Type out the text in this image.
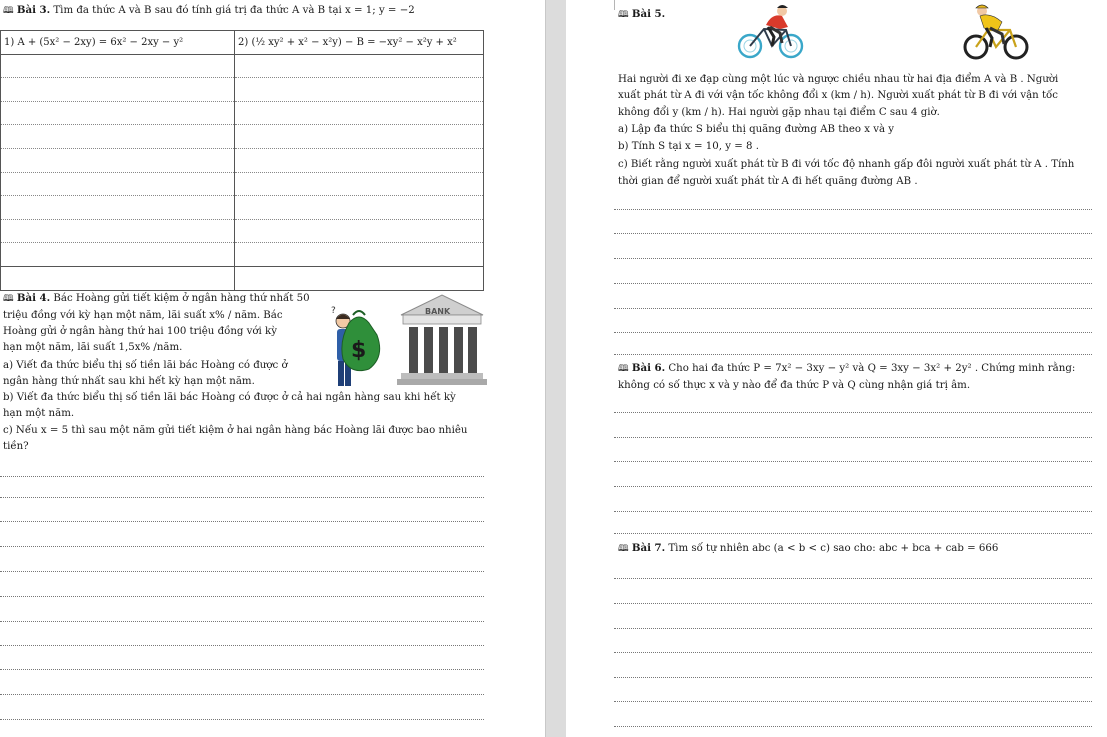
🕮 Bài 3. Tìm đa thức A và B sau đó tính giá trị đa thức A và B tại x = 1; y = −2
1) A + (5x² − 2xy) = 6x² − 2xy − y²	2) (½ xy² + x² − x²y) − B = −xy² − x²y + x²

🕮 Bài 4. Bác Hoàng gửi tiết kiệm ở ngân hàng thứ nhất 50
triệu đồng với kỳ hạn một năm, lãi suất x% / năm. Bác
Hoàng gửi ở ngân hàng thứ hai 100 triệu đồng với kỳ
hạn một năm, lãi suất 1,5x% /năm.
a) Viết đa thức biểu thị số tiền lãi bác Hoàng có được ở
ngân hàng thứ nhất sau khi hết kỳ hạn một năm.
b) Viết đa thức biểu thị số tiền lãi bác Hoàng có được ở cả hai ngân hàng sau khi hết kỳ
hạn một năm.
c) Nếu x = 5 thì sau một năm gửi tiết kiệm ở hai ngân hàng bác Hoàng lãi được bao nhiêu
tiền?
?
$
BANK
🕮 Bài 5.
Hai người đi xe đạp cùng một lúc và ngược chiều nhau từ hai địa điểm A và B . Người
xuất phát từ A đi với vận tốc không đổi x (km / h). Người xuất phát từ B đi với vận tốc
không đổi y (km / h). Hai người gặp nhau tại điểm C sau 4 giờ.
a) Lập đa thức S biểu thị quãng đường AB theo x và y
b) Tính S tại x = 10, y = 8 .
c) Biết rằng người xuất phát từ B đi với tốc độ nhanh gấp đôi người xuất phát từ A . Tính
thời gian để người xuất phát từ A đi hết quãng đường AB .
🕮 Bài 6. Cho hai đa thức P = 7x² − 3xy − y² và Q = 3xy − 3x² + 2y² . Chứng minh rằng:
không có số thực x và y nào để đa thức P và Q cùng nhận giá trị âm.
🕮 Bài 7. Tìm số tự nhiên abc (a < b < c) sao cho: abc + bca + cab = 666
